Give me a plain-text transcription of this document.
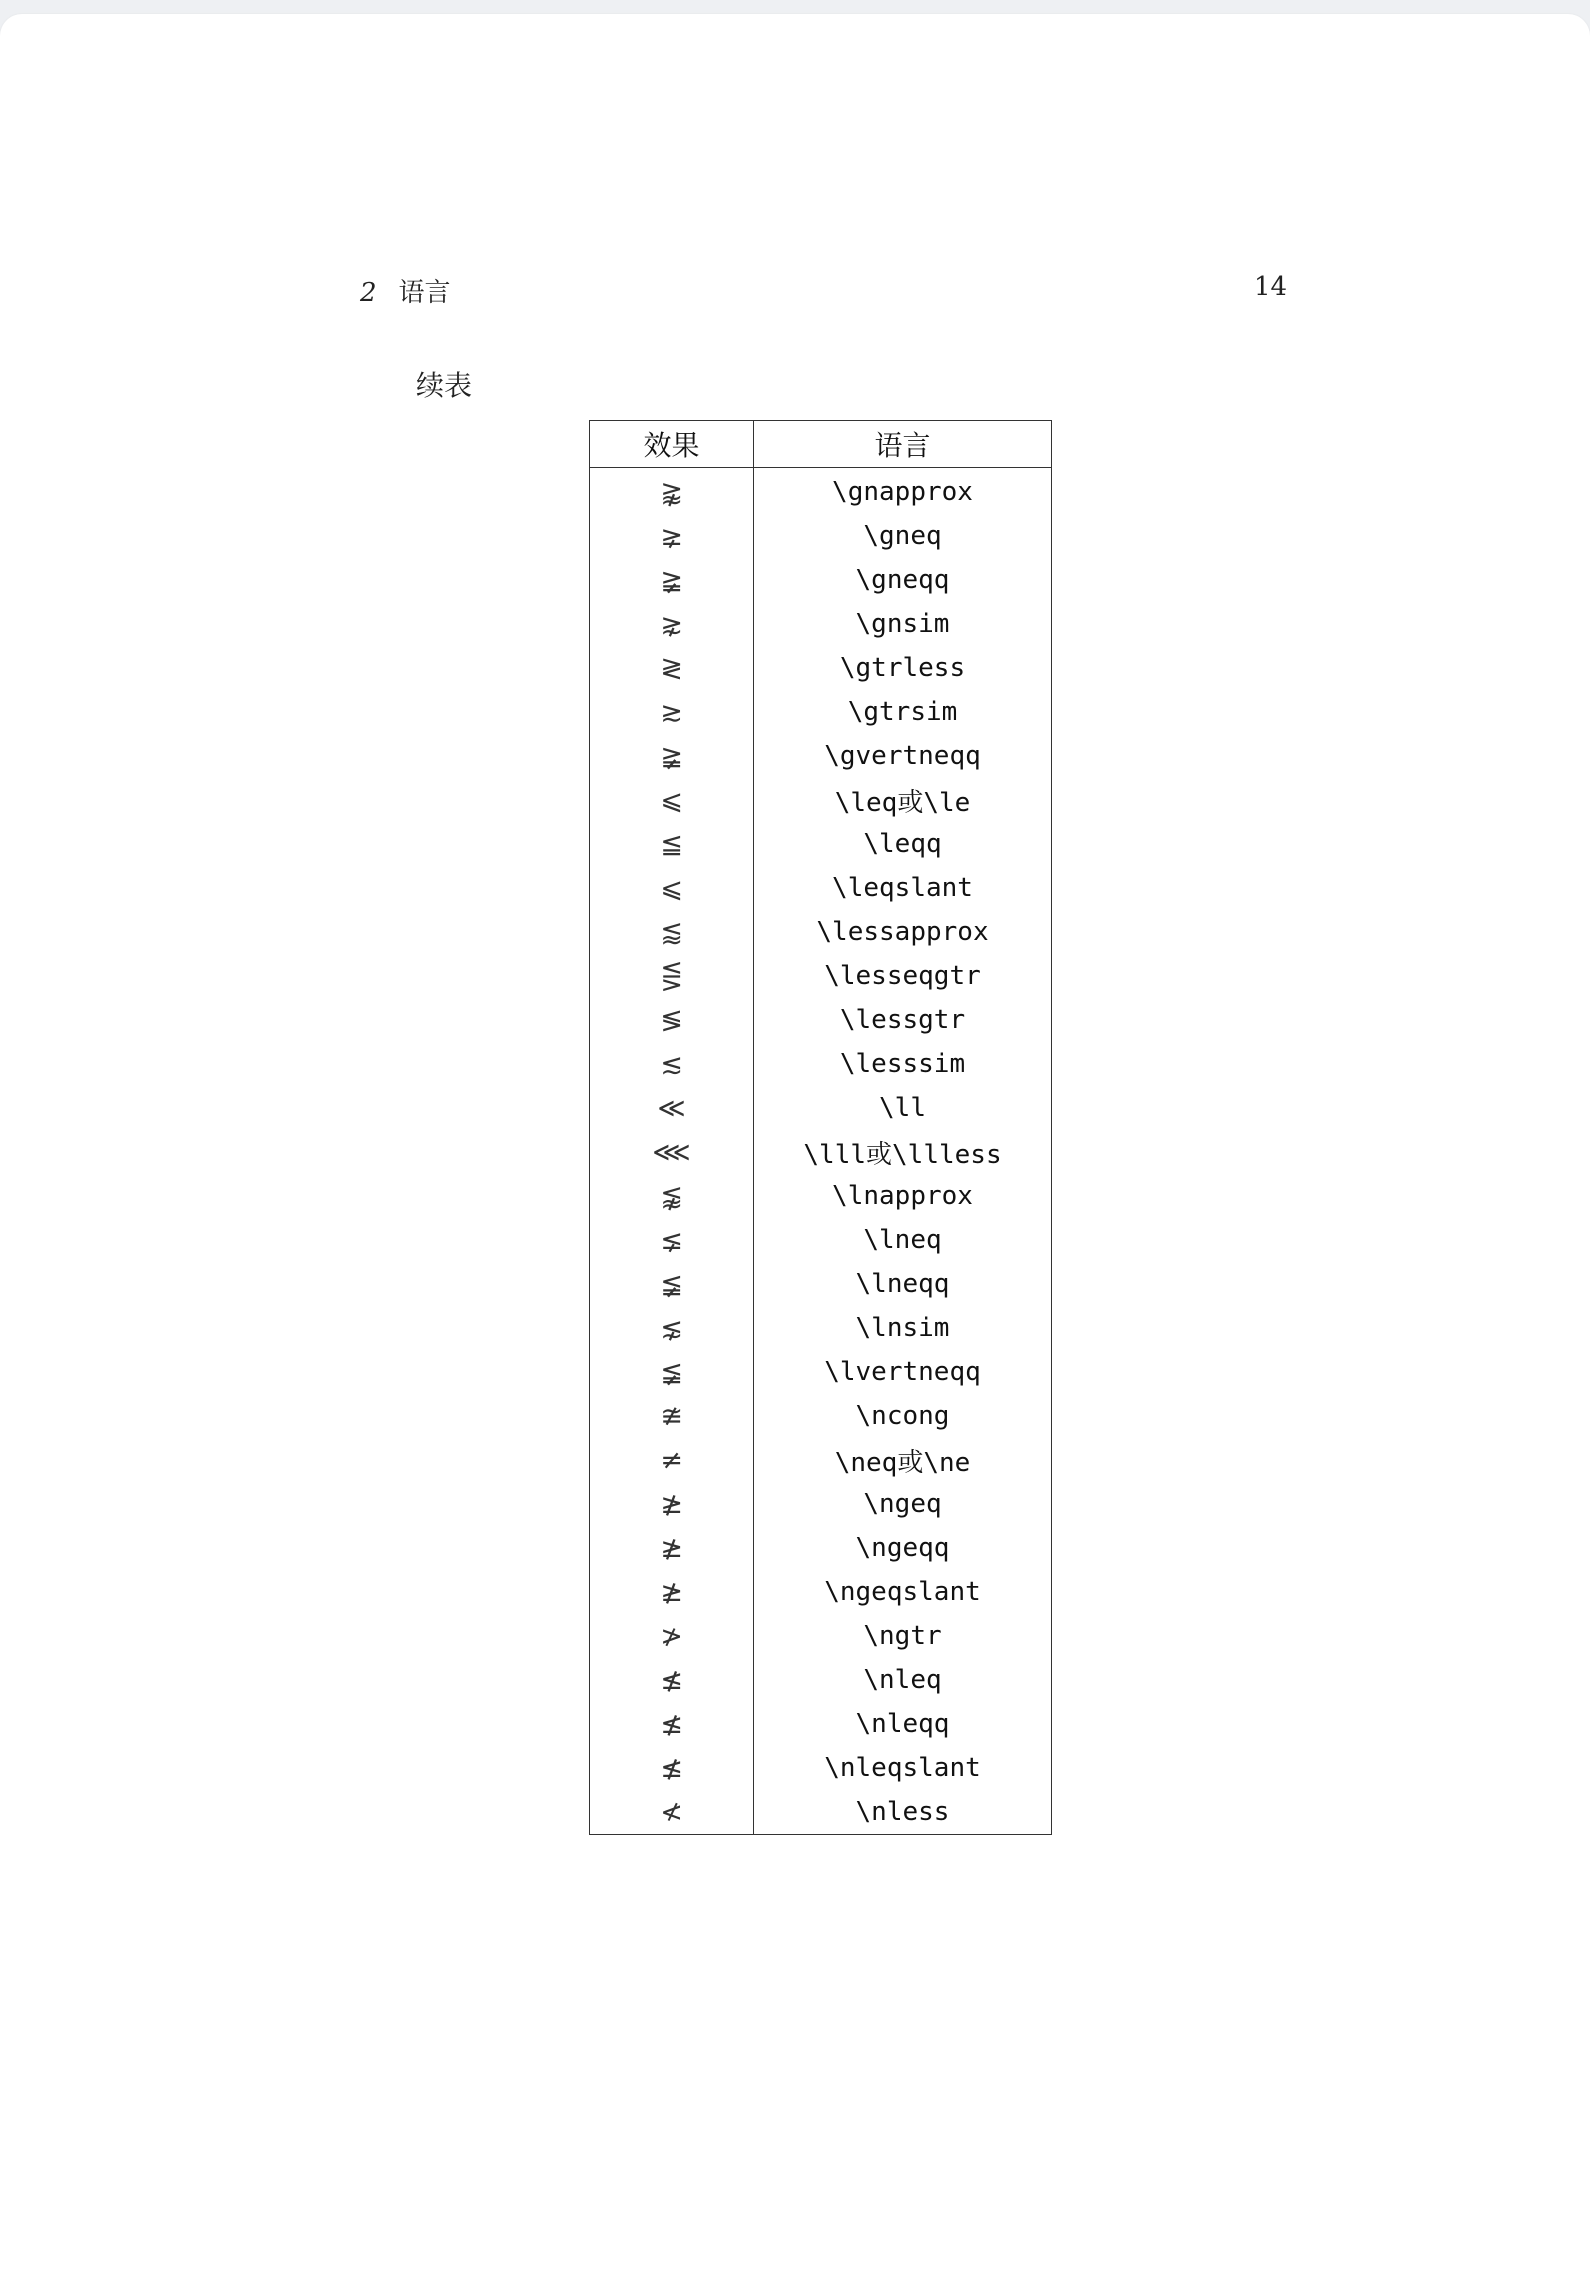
2 语言	14
续表
效果	语言
⪊	\gnapprox
⪈	\gneq
≩	\gneqq
⋧	\gnsim
≷	\gtrless
≳	\gtrsim
≩	\gvertneqq
⩽	\leq或\le
≦	\leqq
⩽	\leqslant
⪅	\lessapprox
⋚	\lesseqgtr
≶	\lessgtr
≲	\lesssim
≪	\ll
⋘	\lll或\llless
⪉	\lnapprox
⪇	\lneq
≨	\lneqq
⋦	\lnsim
≨	\lvertneqq
≇	\ncong
≠	\neq或\ne
≱	\ngeq
≱	\ngeqq
≱	\ngeqslant
≯	\ngtr
≰	\nleq
≰	\nleqq
≰	\nleqslant
≮	\nless
